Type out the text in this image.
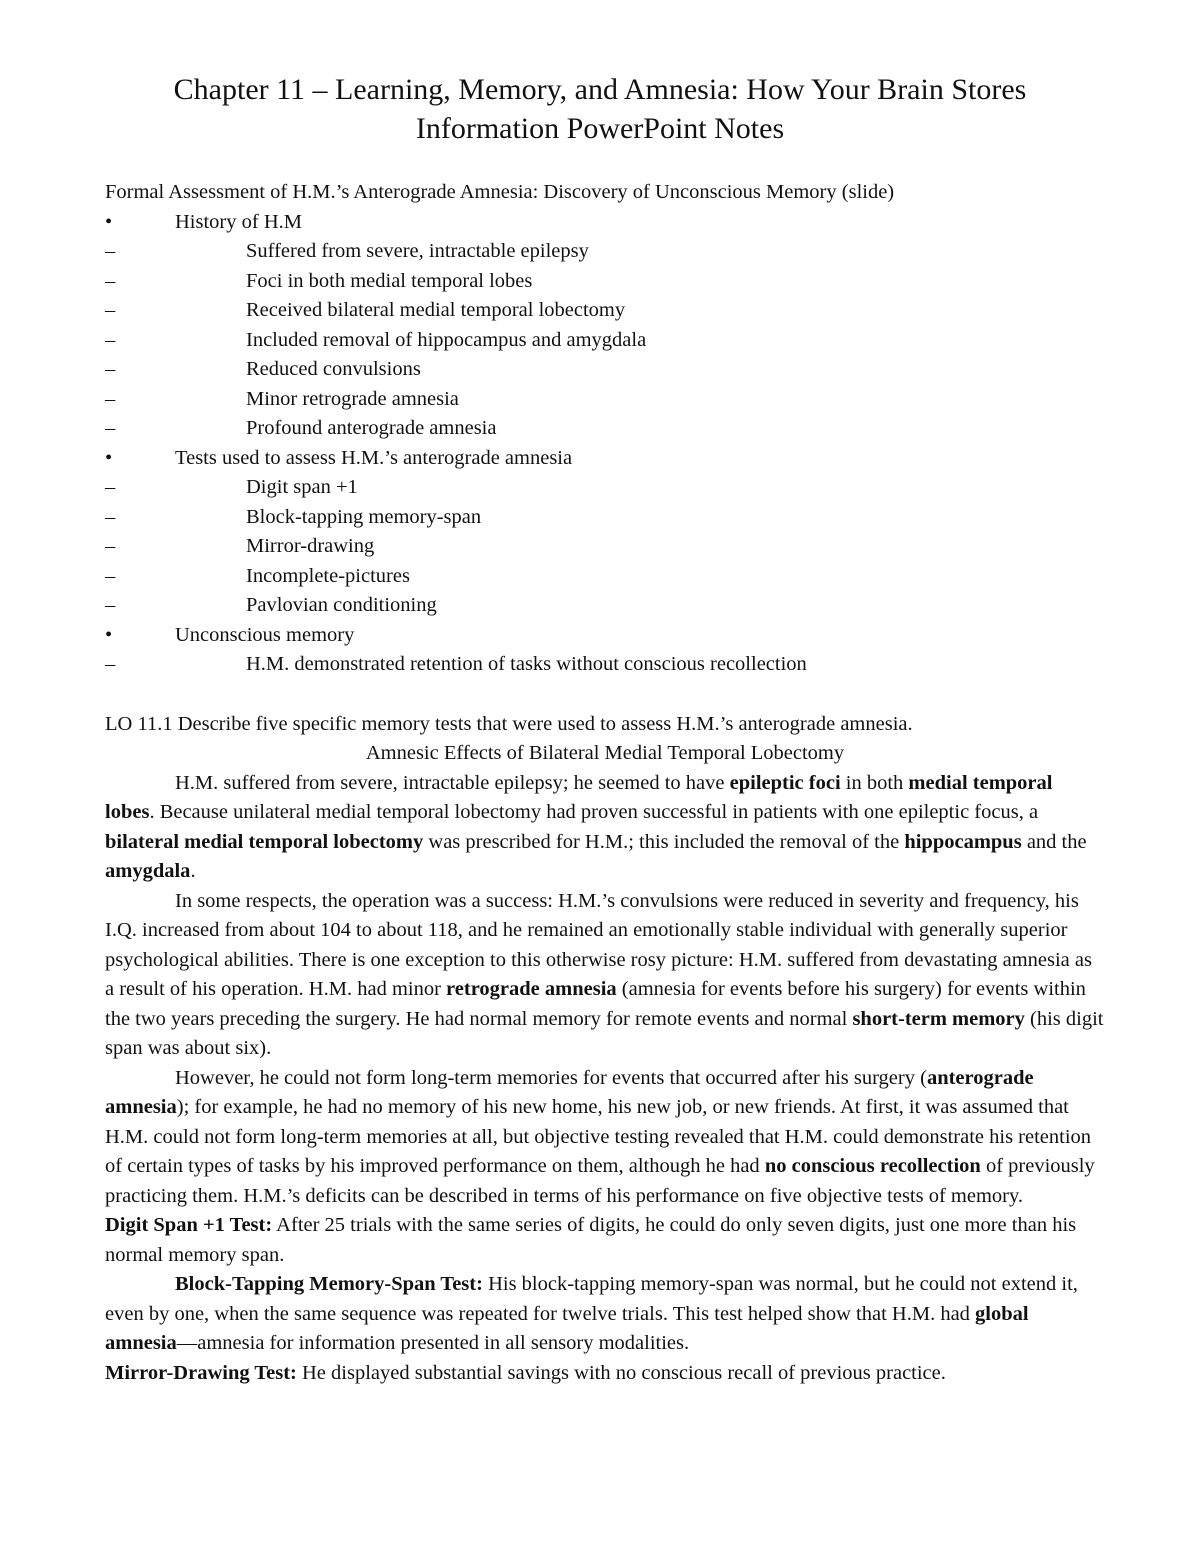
Chapter 11 – Learning, Memory, and Amnesia: How Your Brain Stores
Information PowerPoint Notes
Formal Assessment of H.M.’s Anterograde Amnesia: Discovery of Unconscious Memory (slide)
•	History of H.M
–	Suffered from severe, intractable epilepsy
–	Foci in both medial temporal lobes
–	Received bilateral medial temporal lobectomy
–	Included removal of hippocampus and amygdala
–	Reduced convulsions
–	Minor retrograde amnesia
–	Profound anterograde amnesia
•	Tests used to assess H.M.’s anterograde amnesia
–	Digit span +1
–	Block-tapping memory-span
–	Mirror-drawing
–	Incomplete-pictures
–	Pavlovian conditioning
•	Unconscious memory
–	H.M. demonstrated retention of tasks without conscious recollection
LO 11.1 Describe five specific memory tests that were used to assess H.M.’s anterograde amnesia.
Amnesic Effects of Bilateral Medial Temporal Lobectomy
H.M. suffered from severe, intractable epilepsy; he seemed to have epileptic foci in both medial temporal lobes. Because unilateral medial temporal lobectomy had proven successful in patients with one epileptic focus, a bilateral medial temporal lobectomy was prescribed for H.M.; this included the removal of the hippocampus and the amygdala.
In some respects, the operation was a success: H.M.’s convulsions were reduced in severity and frequency, his I.Q. increased from about 104 to about 118, and he remained an emotionally stable individual with generally superior psychological abilities. There is one exception to this otherwise rosy picture: H.M. suffered from devastating amnesia as a result of his operation. H.M. had minor retrograde amnesia (amnesia for events before his surgery) for events within the two years preceding the surgery. He had normal memory for remote events and normal short-term memory (his digit span was about six).
However, he could not form long-term memories for events that occurred after his surgery (anterograde amnesia); for example, he had no memory of his new home, his new job, or new friends. At first, it was assumed that H.M. could not form long-term memories at all, but objective testing revealed that H.M. could demonstrate his retention of certain types of tasks by his improved performance on them, although he had no conscious recollection of previously practicing them. H.M.’s deficits can be described in terms of his performance on five objective tests of memory.
Digit Span +1 Test: After 25 trials with the same series of digits, he could do only seven digits, just one more than his normal memory span.
Block-Tapping Memory-Span Test: His block-tapping memory-span was normal, but he could not extend it, even by one, when the same sequence was repeated for twelve trials. This test helped show that H.M. had global amnesia—amnesia for information presented in all sensory modalities.
Mirror-Drawing Test: He displayed substantial savings with no conscious recall of previous practice.
